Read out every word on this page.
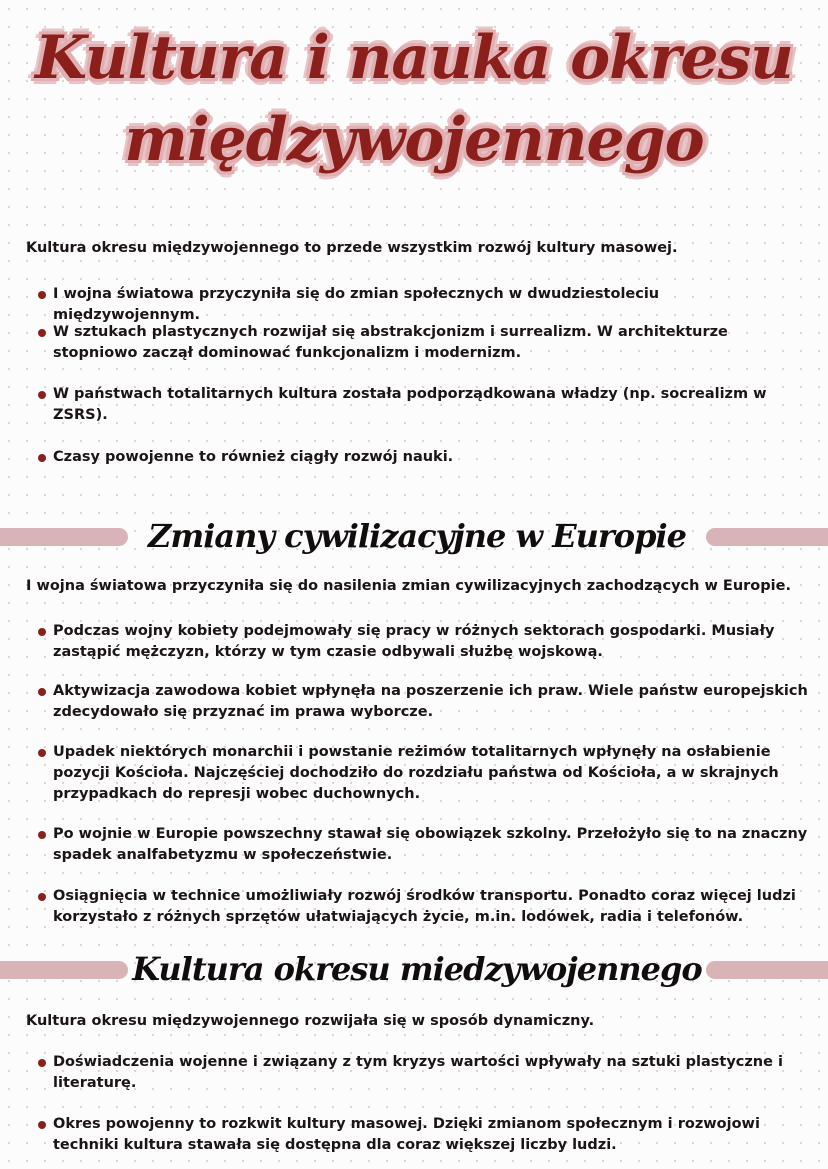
Kultura i nauka okresu
międzywojennego
Kultura okresu międzywojennego to przede wszystkim rozwój kultury masowej.
I wojna światowa przyczyniła się do zmian społecznych w dwudziestoleciu międzywojennym.
W sztukach plastycznych rozwijał się abstrakcjonizm i surrealizm. W architekturze stopniowo zaczął dominować funkcjonalizm i modernizm.
W państwach totalitarnych kultura została podporządkowana władzy (np. socrealizm w ZSRS).
Czasy powojenne to również ciągły rozwój nauki.
Zmiany cywilizacyjne w Europie
I wojna światowa przyczyniła się do nasilenia zmian cywilizacyjnych zachodzących w Europie.
Podczas wojny kobiety podejmowały się pracy w różnych sektorach gospodarki. Musiały zastąpić mężczyzn, którzy w tym czasie odbywali służbę wojskową.
Aktywizacja zawodowa kobiet wpłynęła na poszerzenie ich praw. Wiele państw europejskich zdecydowało się przyznać im prawa wyborcze.
Upadek niektórych monarchii i powstanie reżimów totalitarnych wpłynęły na osłabienie pozycji Kościoła. Najczęściej dochodziło do rozdziału państwa od Kościoła, a w skrajnych przypadkach do represji wobec duchownych.
Po wojnie w Europie powszechny stawał się obowiązek szkolny. Przełożyło się to na znaczny spadek analfabetyzmu w społeczeństwie.
Osiągnięcia w technice umożliwiały rozwój środków transportu. Ponadto coraz więcej ludzi korzystało z różnych sprzętów ułatwiających życie, m.in. lodówek, radia i telefonów.
Kultura okresu miedzywojennego
Kultura okresu międzywojennego rozwijała się w sposób dynamiczny.
Doświadczenia wojenne i związany z tym kryzys wartości wpływały na sztuki plastyczne i literaturę.
Okres powojenny to rozkwit kultury masowej. Dzięki zmianom społecznym i rozwojowi techniki kultura stawała się dostępna dla coraz większej liczby ludzi.
